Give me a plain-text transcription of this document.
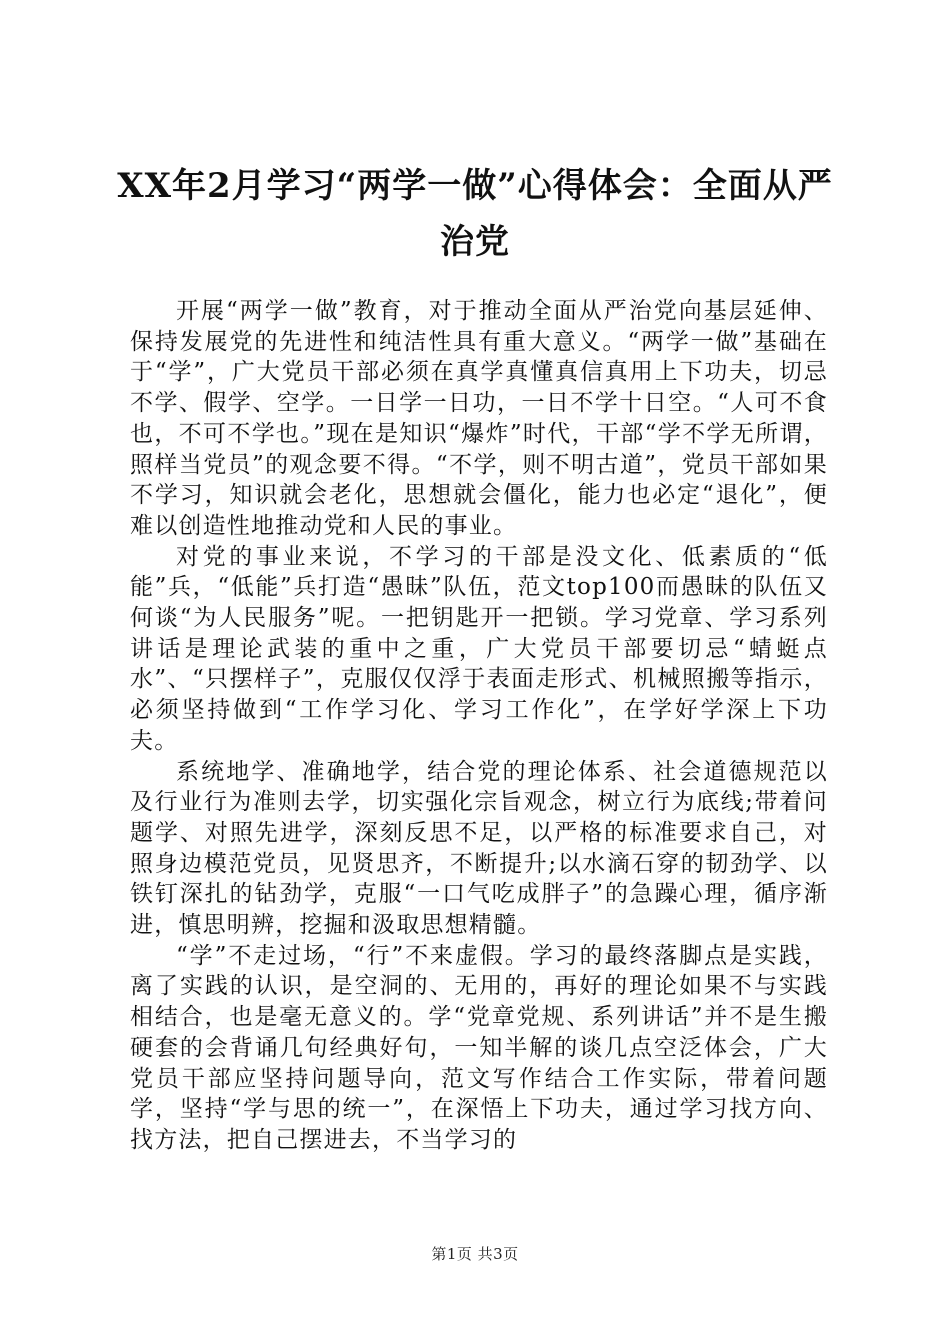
XX年2月学习“两学一做”心得体会：全面从严治党

开展“两学一做”教育，对于推动全面从严治党向基层延伸、保持发展党的先进性和纯洁性具有重大意义。“两学一做”基础在于“学”，广大党员干部必须在真学真懂真信真用上下功夫，切忌不学、假学、空学。一日学一日功，一日不学十日空。“人可不食也，不可不学也。”现在是知识“爆炸”时代，干部“学不学无所谓，照样当党员”的观念要不得。“不学，则不明古道”，党员干部如果不学习，知识就会老化，思想就会僵化，能力也必定“退化”，便难以创造性地推动党和人民的事业。

对党的事业来说，不学习的干部是没文化、低素质的“低能”兵，“低能”兵打造“愚昧”队伍，范文top100而愚昧的队伍又何谈“为人民服务”呢。一把钥匙开一把锁。学习党章、学习系列讲话是理论武装的重中之重，广大党员干部要切忌“蜻蜓点水”、“只摆样子”，克服仅仅浮于表面走形式、机械照搬等指示，必须坚持做到“工作学习化、学习工作化”，在学好学深上下功夫。

系统地学、准确地学，结合党的理论体系、社会道德规范以及行业行为准则去学，切实强化宗旨观念，树立行为底线;带着问题学、对照先进学，深刻反思不足，以严格的标准要求自己，对照身边模范党员，见贤思齐，不断提升;以水滴石穿的韧劲学、以铁钉深扎的钻劲学，克服“一口气吃成胖子”的急躁心理，循序渐进，慎思明辨，挖掘和汲取思想精髓。

“学”不走过场，“行”不来虚假。学习的最终落脚点是实践，离了实践的认识，是空洞的、无用的，再好的理论如果不与实践相结合，也是毫无意义的。学“党章党规、系列讲话”并不是生搬硬套的会背诵几句经典好句，一知半解的谈几点空泛体会，广大党员干部应坚持问题导向，范文写作结合工作实际，带着问题学，坚持“学与思的统一”，在深悟上下功夫，通过学习找方向、找方法，把自己摆进去，不当学习的

第1页 共3页
